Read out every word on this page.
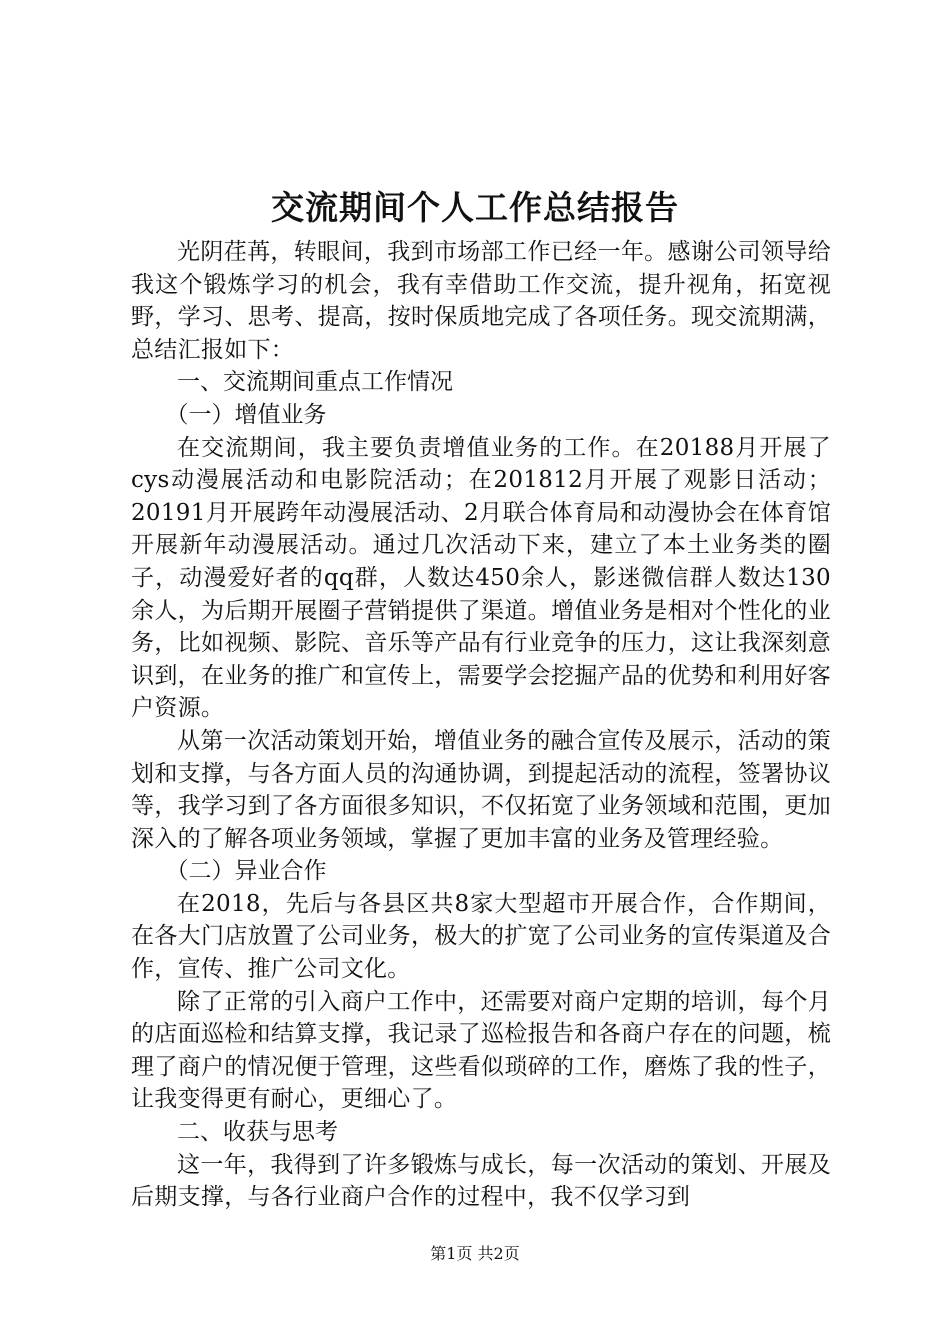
交流期间个人工作总结报告

光阴荏苒，转眼间，我到市场部工作已经一年。感谢公司领导给我这个锻炼学习的机会，我有幸借助工作交流，提升视角，拓宽视野，学习、思考、提高，按时保质地完成了各项任务。现交流期满，总结汇报如下：

一、交流期间重点工作情况

（一）增值业务

在交流期间，我主要负责增值业务的工作。在20188月开展了cys动漫展活动和电影院活动；在201812月开展了观影日活动；20191月开展跨年动漫展活动、2月联合体育局和动漫协会在体育馆开展新年动漫展活动。通过几次活动下来，建立了本土业务类的圈子，动漫爱好者的qq群，人数达450余人，影迷微信群人数达130余人，为后期开展圈子营销提供了渠道。增值业务是相对个性化的业务，比如视频、影院、音乐等产品有行业竞争的压力，这让我深刻意识到，在业务的推广和宣传上，需要学会挖掘产品的优势和利用好客户资源。

从第一次活动策划开始，增值业务的融合宣传及展示，活动的策划和支撑，与各方面人员的沟通协调，到提起活动的流程，签署协议等，我学习到了各方面很多知识，不仅拓宽了业务领域和范围，更加深入的了解各项业务领域，掌握了更加丰富的业务及管理经验。

（二）异业合作

在2018，先后与各县区共8家大型超市开展合作，合作期间，在各大门店放置了公司业务，极大的扩宽了公司业务的宣传渠道及合作，宣传、推广公司文化。

除了正常的引入商户工作中，还需要对商户定期的培训，每个月的店面巡检和结算支撑，我记录了巡检报告和各商户存在的问题，梳理了商户的情况便于管理，这些看似琐碎的工作，磨炼了我的性子，让我变得更有耐心，更细心了。

二、收获与思考

这一年，我得到了许多锻炼与成长，每一次活动的策划、开展及后期支撑，与各行业商户合作的过程中，我不仅学习到

第1页 共2页
